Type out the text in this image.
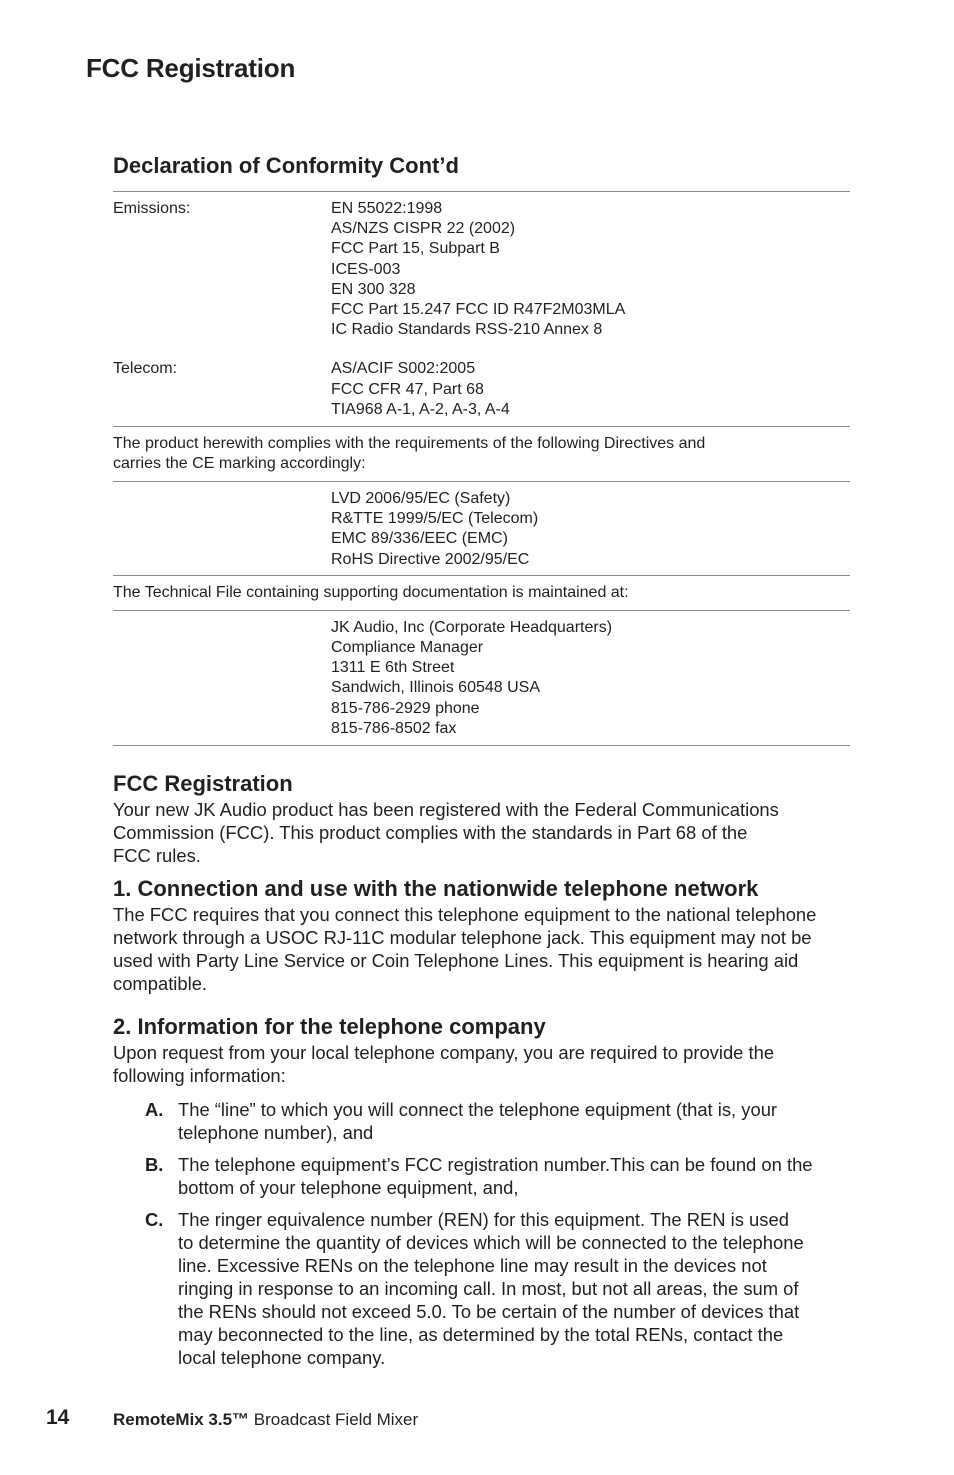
FCC Registration
Declaration of Conformity Cont’d
Emissions:	EN 55022:1998
AS/NZS CISPR 22 (2002)
FCC Part 15, Subpart B
ICES-003
EN 300 328
FCC Part 15.247 FCC ID R47F2M03MLA
IC Radio Standards RSS-210 Annex 8
Telecom:	AS/ACIF S002:2005
FCC CFR 47, Part 68
TIA968 A-1, A-2, A-3, A-4
The product herewith complies with the requirements of the following Directives and
carries the CE marking accordingly:
LVD 2006/95/EC (Safety)
R&TTE 1999/5/EC (Telecom)
EMC 89/336/EEC (EMC)
RoHS Directive 2002/95/EC
The Technical File containing supporting documentation is maintained at:
JK Audio, Inc (Corporate Headquarters)
Compliance Manager
1311 E 6th Street
Sandwich, Illinois 60548 USA
815-786-2929 phone
815-786-8502 fax
FCC Registration
Your new JK Audio product has been registered with the Federal Communications
Commission (FCC). This product complies with the standards in Part 68 of the
FCC rules.
1. Connection and use with the nationwide telephone network
The FCC requires that you connect this telephone equipment to the national telephone
network through a USOC RJ-11C modular telephone jack. This equipment may not be
used with Party Line Service or Coin Telephone Lines. This equipment is hearing aid
compatible.
2. Information for the telephone company
Upon request from your local telephone company, you are required to provide the
following information:
A. The “line” to which you will connect the telephone equipment (that is, your
telephone number), and
B. The telephone equipment’s FCC registration number.This can be found on the
bottom of your telephone equipment, and,
C. The ringer equivalence number (REN) for this equipment. The REN is used
to determine the quantity of devices which will be connected to the telephone
line. Excessive RENs on the telephone line may result in the devices not
ringing in response to an incoming call. In most, but not all areas, the sum of
the RENs should not exceed 5.0. To be certain of the number of devices that
may beconnected to the line, as determined by the total RENs, contact the
local telephone company.
14	RemoteMix 3.5™ Broadcast Field Mixer
